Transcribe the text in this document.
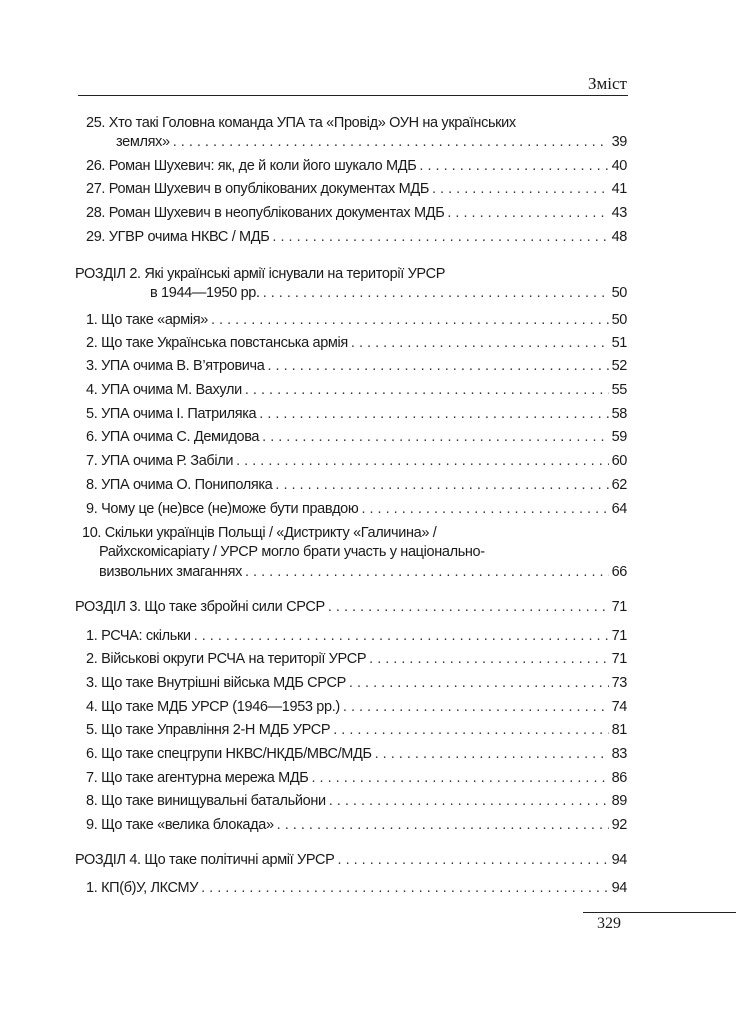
Зміст
25. Хто такі Головна команда УПА та «Провід» ОУН на українських
землях» . . .	39
26. Роман Шухевич: як, де й коли його шукало МДБ . . .	40
27. Роман Шухевич в опублікованих документах МДБ . . .	41
28. Роман Шухевич в неопублікованих документах МДБ . . .	43
29. УГВР очима НКВС / МДБ . . .	48
РОЗДІЛ 2. Які українські армії існували на території УРСР
в 1944—1950 рр. . . .	50
1. Що таке «армія» . . .	50
2. Що таке Українська повстанська армія . . .	51
3. УПА очима В. В’ятровича . . .	52
4. УПА очима М. Вахули . . .	55
5. УПА очима І. Патриляка . . .	58
6. УПА очима С. Демидова . . .	59
7. УПА очима Р. Забіли . . .	60
8. УПА очима О. Пониполяка . . .	62
9. Чому це (не)все (не)може бути правдою . . .	64
10. Скільки українців Польщі / «Дистрикту «Галичина» /
Райхскомісаріату / УРСР могло брати участь у національно-
визвольних змаганнях . . .	66
РОЗДІЛ 3. Що таке збройні сили СРСР . . .	71
1. РСЧА: скільки . . .	71
2. Військові округи РСЧА на території УРСР . . .	71
3. Що таке Внутрішні війська МДБ СРСР . . .	73
4. Що таке МДБ УРСР (1946—1953 рр.) . . .	74
5. Що таке Управління 2-Н МДБ УРСР . . .	81
6. Що таке спецгрупи НКВС/НКДБ/МВС/МДБ . . .	83
7. Що таке агентурна мережа МДБ . . .	86
8. Що таке винищувальні батальйони . . .	89
9. Що таке «велика блокада» . . .	92
РОЗДІЛ 4. Що таке політичні армії УРСР . . .	94
1. КП(б)У, ЛКСМУ . . .	94
329
